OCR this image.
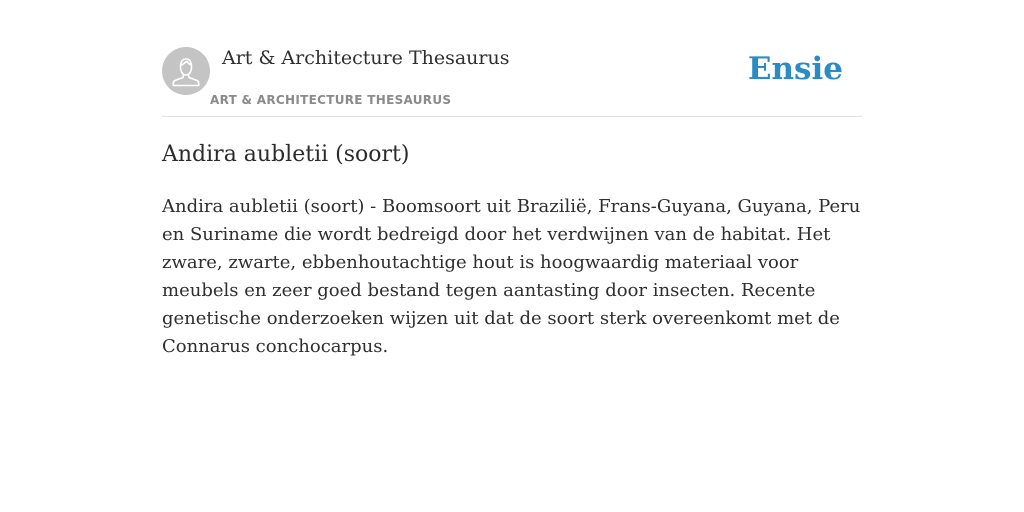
Art & Architecture Thesaurus
ART & ARCHITECTURE THESAURUS
Ensie
Andira aubletii (soort)

Andira aubletii (soort) - Boomsoort uit Brazilië, Frans-Guyana, Guyana, Peru en Suriname die wordt bedreigd door het verdwijnen van de habitat. Het zware, zwarte, ebbenhoutachtige hout is hoogwaardig materiaal voor meubels en zeer goed bestand tegen aantasting door insecten. Recente genetische onderzoeken wijzen uit dat de soort sterk overeenkomt met de Connarus conchocarpus.
